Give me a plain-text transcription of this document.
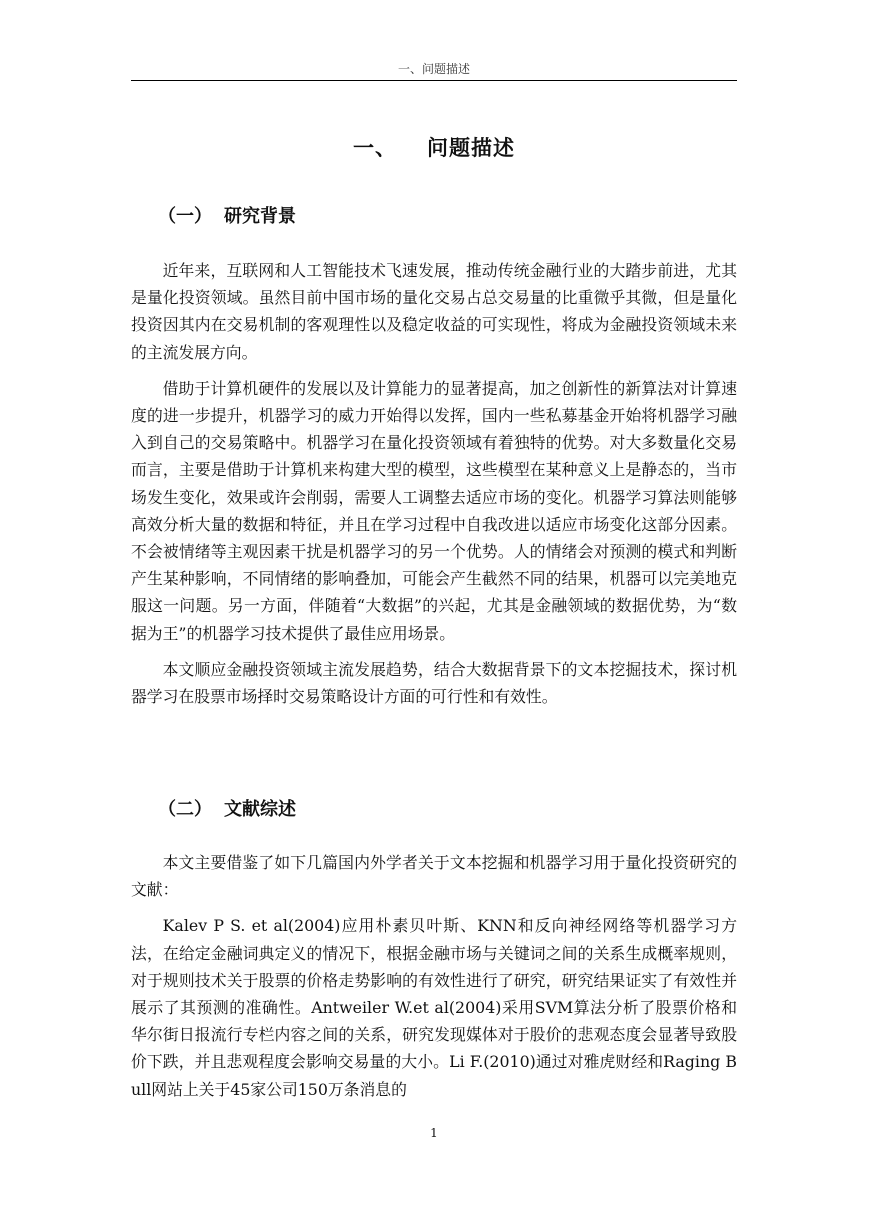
一、问题描述
一、 问题描述
（一） 研究背景

近年来，互联网和人工智能技术飞速发展，推动传统金融行业的大踏步前进，尤其是量化投资领域。虽然目前中国市场的量化交易占总交易量的比重微乎其微，但是量化投资因其内在交易机制的客观理性以及稳定收益的可实现性，将成为金融投资领域未来的主流发展方向。

借助于计算机硬件的发展以及计算能力的显著提高，加之创新性的新算法对计算速度的进一步提升，机器学习的威力开始得以发挥，国内一些私募基金开始将机器学习融入到自己的交易策略中。机器学习在量化投资领域有着独特的优势。对大多数量化交易而言，主要是借助于计算机来构建大型的模型，这些模型在某种意义上是静态的，当市场发生变化，效果或许会削弱，需要人工调整去适应市场的变化。机器学习算法则能够高效分析大量的数据和特征，并且在学习过程中自我改进以适应市场变化这部分因素。不会被情绪等主观因素干扰是机器学习的另一个优势。人的情绪会对预测的模式和判断产生某种影响，不同情绪的影响叠加，可能会产生截然不同的结果，机器可以完美地克服这一问题。另一方面，伴随着“大数据”的兴起，尤其是金融领域的数据优势，为“数据为王”的机器学习技术提供了最佳应用场景。

本文顺应金融投资领域主流发展趋势，结合大数据背景下的文本挖掘技术，探讨机器学习在股票市场择时交易策略设计方面的可行性和有效性。

（二） 文献综述

本文主要借鉴了如下几篇国内外学者关于文本挖掘和机器学习用于量化投资研究的文献：

Kalev P S. et al(2004)应用朴素贝叶斯、KNN和反向神经网络等机器学习方法，在给定金融词典定义的情况下，根据金融市场与关键词之间的关系生成概率规则，对于规则技术关于股票的价格走势影响的有效性进行了研究，研究结果证实了有效性并展示了其预测的准确性。Antweiler W.et al(2004)采用SVM算法分析了股票价格和华尔街日报流行专栏内容之间的关系，研究发现媒体对于股价的悲观态度会显著导致股价下跌，并且悲观程度会影响交易量的大小。Li F.(2010)通过对雅虎财经和Raging Bull网站上关于45家公司150万条消息的

1
